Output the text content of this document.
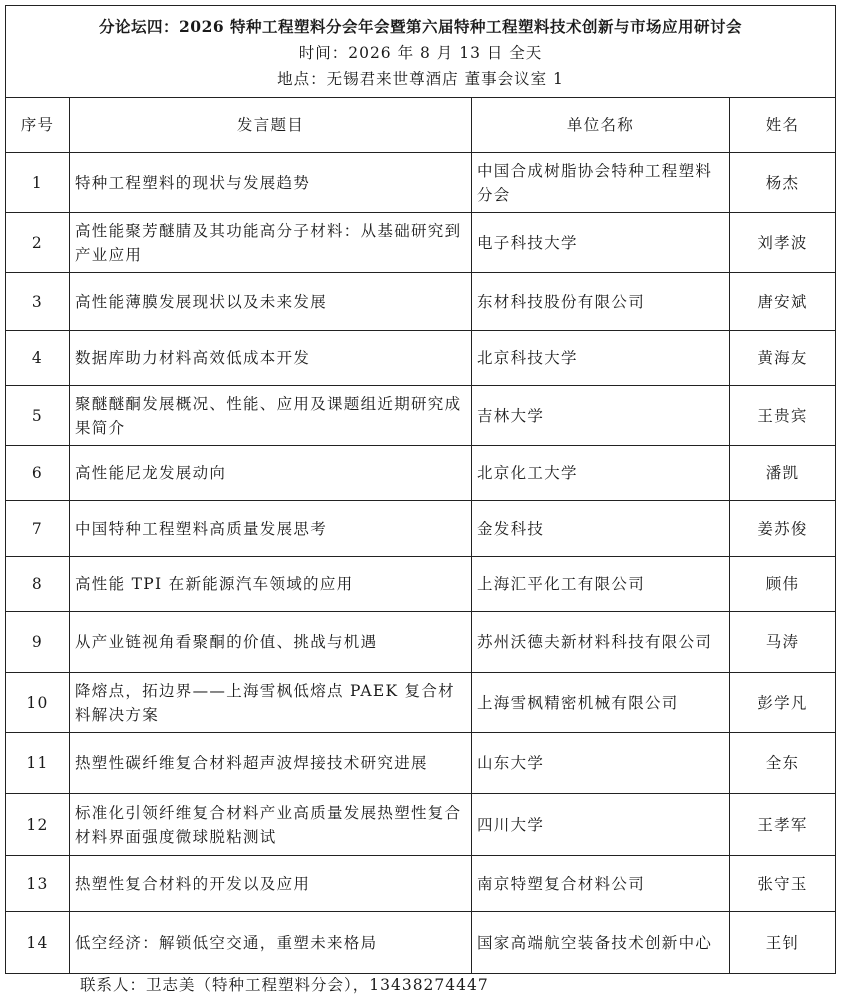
分论坛四：2026 特种工程塑料分会年会暨第六届特种工程塑料技术创新与市场应用研讨会
时间：2026 年 8 月 13 日 全天
地点：无锡君来世尊酒店 董事会议室 1			

序号	发言题目	单位名称	姓名
1	特种工程塑料的现状与发展趋势	中国合成树脂协会特种工程塑料分会	杨杰
2	高性能聚芳醚腈及其功能高分子材料：从基础研究到产业应用	电子科技大学	刘孝波
3	高性能薄膜发展现状以及未来发展	东材科技股份有限公司	唐安斌
4	数据库助力材料高效低成本开发	北京科技大学	黄海友
5	聚醚醚酮发展概况、性能、应用及课题组近期研究成果简介	吉林大学	王贵宾
6	高性能尼龙发展动向	北京化工大学	潘凯
7	中国特种工程塑料高质量发展思考	金发科技	姜苏俊
8	高性能 TPI 在新能源汽车领域的应用	上海汇平化工有限公司	顾伟
9	从产业链视角看聚酮的价值、挑战与机遇	苏州沃德夫新材料科技有限公司	马涛
10	降熔点，拓边界——上海雪枫低熔点 PAEK 复合材料解决方案	上海雪枫精密机械有限公司	彭学凡
11	热塑性碳纤维复合材料超声波焊接技术研究进展	山东大学	全东
12	标准化引领纤维复合材料产业高质量发展热塑性复合材料界面强度微球脱粘测试	四川大学	王孝军
13	热塑性复合材料的开发以及应用	南京特塑复合材料公司	张守玉
14	低空经济：解锁低空交通，重塑未来格局	国家高端航空装备技术创新中心	王钊
联系人：卫志美（特种工程塑料分会），13438274447
